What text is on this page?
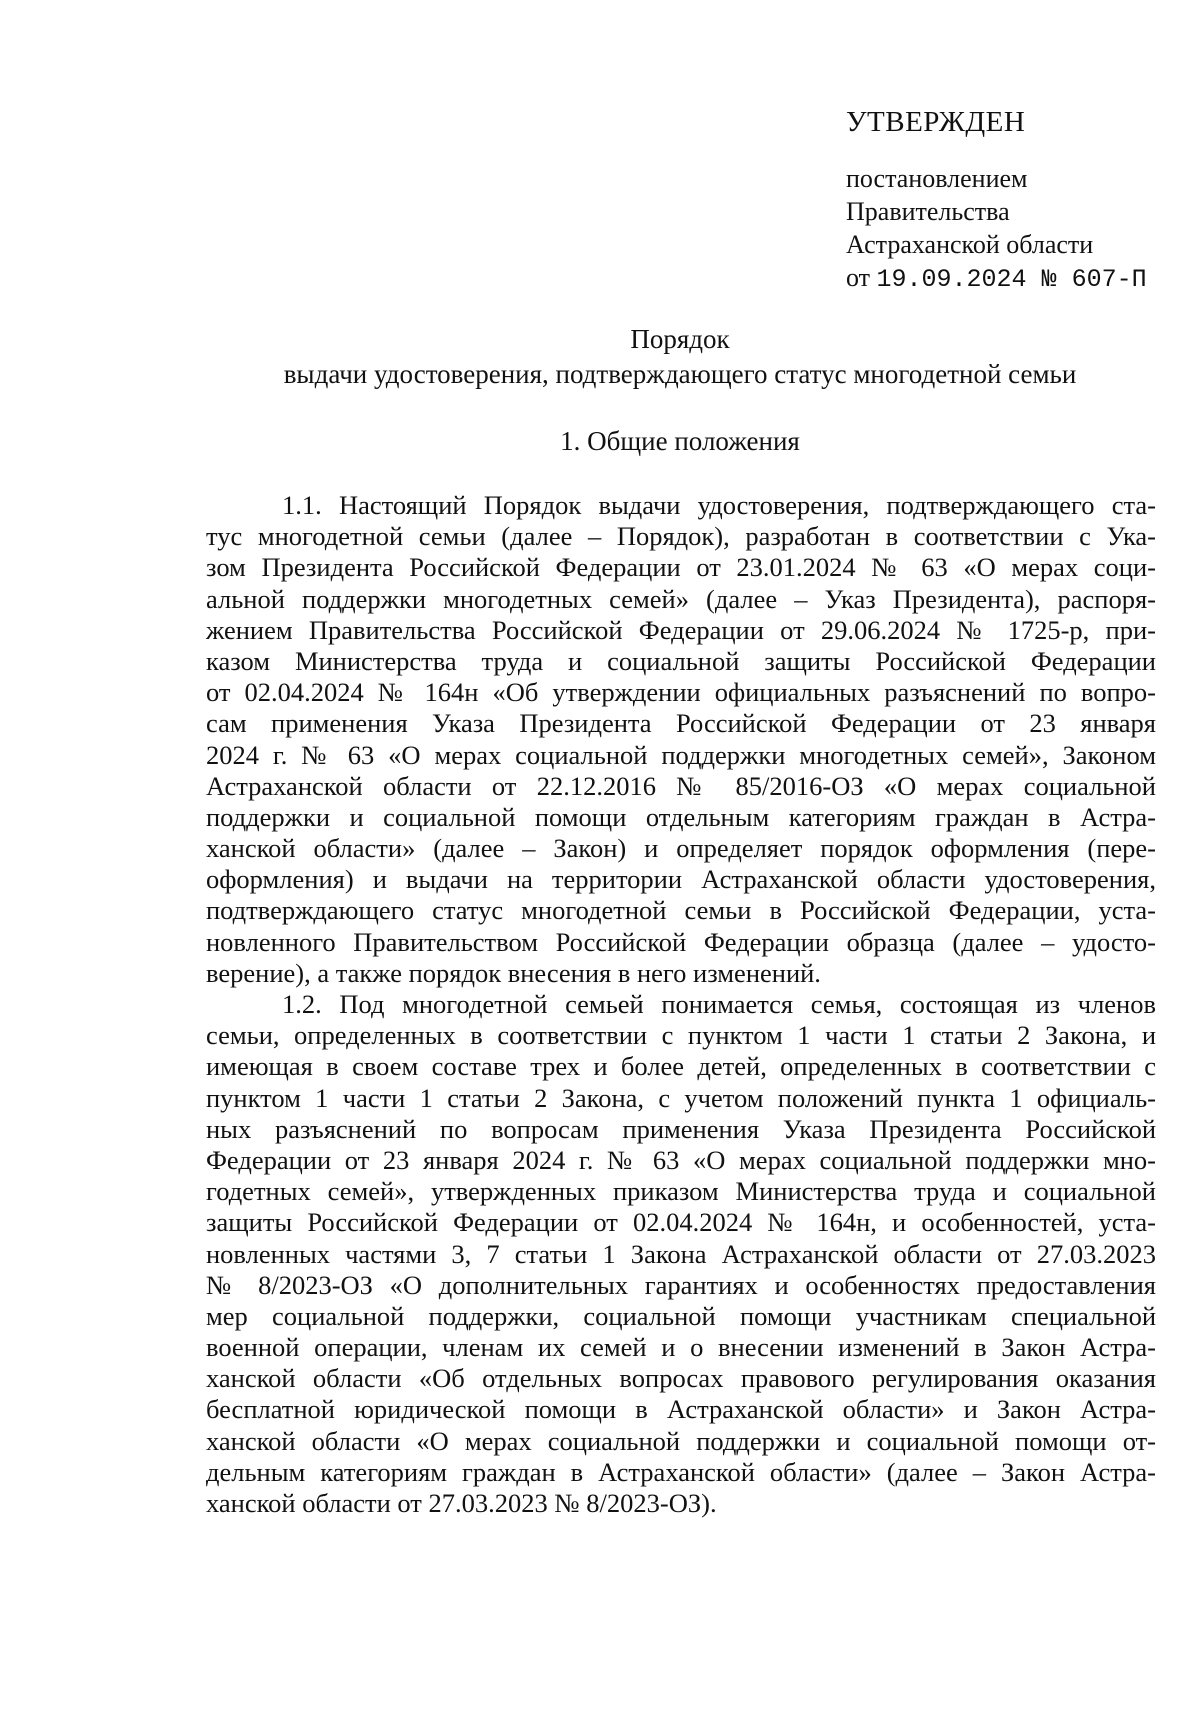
УТВЕРЖДЕН
постановлением
Правительства
Астраханской области
от 19.09.2024 № 607-П
Порядок
выдачи удостоверения, подтверждающего статус многодетной семьи
1. Общие положения
1.1. Настоящий Порядок выдачи удостоверения, подтверждающего ста-
тус многодетной семьи (далее – Порядок), разработан в соответствии с Ука-
зом Президента Российской Федерации от 23.01.2024 № 63 «О мерах соци-
альной поддержки многодетных семей» (далее – Указ Президента), распоря-
жением Правительства Российской Федерации от 29.06.2024 № 1725-р, при-
казом Министерства труда и социальной защиты Российской Федерации
от 02.04.2024 № 164н «Об утверждении официальных разъяснений по вопро-
сам применения Указа Президента Российской Федерации от 23 января
2024 г. № 63 «О мерах социальной поддержки многодетных семей», Законом
Астраханской области от 22.12.2016 № 85/2016-ОЗ «О мерах социальной
поддержки и социальной помощи отдельным категориям граждан в Астра-
ханской области» (далее – Закон) и определяет порядок оформления (пере-
оформления) и выдачи на территории Астраханской области удостоверения,
подтверждающего статус многодетной семьи в Российской Федерации, уста-
новленного Правительством Российской Федерации образца (далее – удосто-
верение), а также порядок внесения в него изменений.
1.2. Под многодетной семьей понимается семья, состоящая из членов
семьи, определенных в соответствии с пунктом 1 части 1 статьи 2 Закона, и
имеющая в своем составе трех и более детей, определенных в соответствии с
пунктом 1 части 1 статьи 2 Закона, с учетом положений пункта 1 официаль-
ных разъяснений по вопросам применения Указа Президента Российской
Федерации от 23 января 2024 г. № 63 «О мерах социальной поддержки мно-
годетных семей», утвержденных приказом Министерства труда и социальной
защиты Российской Федерации от 02.04.2024 № 164н, и особенностей, уста-
новленных частями 3, 7 статьи 1 Закона Астраханской области от 27.03.2023
№ 8/2023-ОЗ «О дополнительных гарантиях и особенностях предоставления
мер социальной поддержки, социальной помощи участникам специальной
военной операции, членам их семей и о внесении изменений в Закон Астра-
ханской области «Об отдельных вопросах правового регулирования оказания
бесплатной юридической помощи в Астраханской области» и Закон Астра-
ханской области «О мерах социальной поддержки и социальной помощи от-
дельным категориям граждан в Астраханской области» (далее – Закон Астра-
ханской области от 27.03.2023 № 8/2023-ОЗ).
